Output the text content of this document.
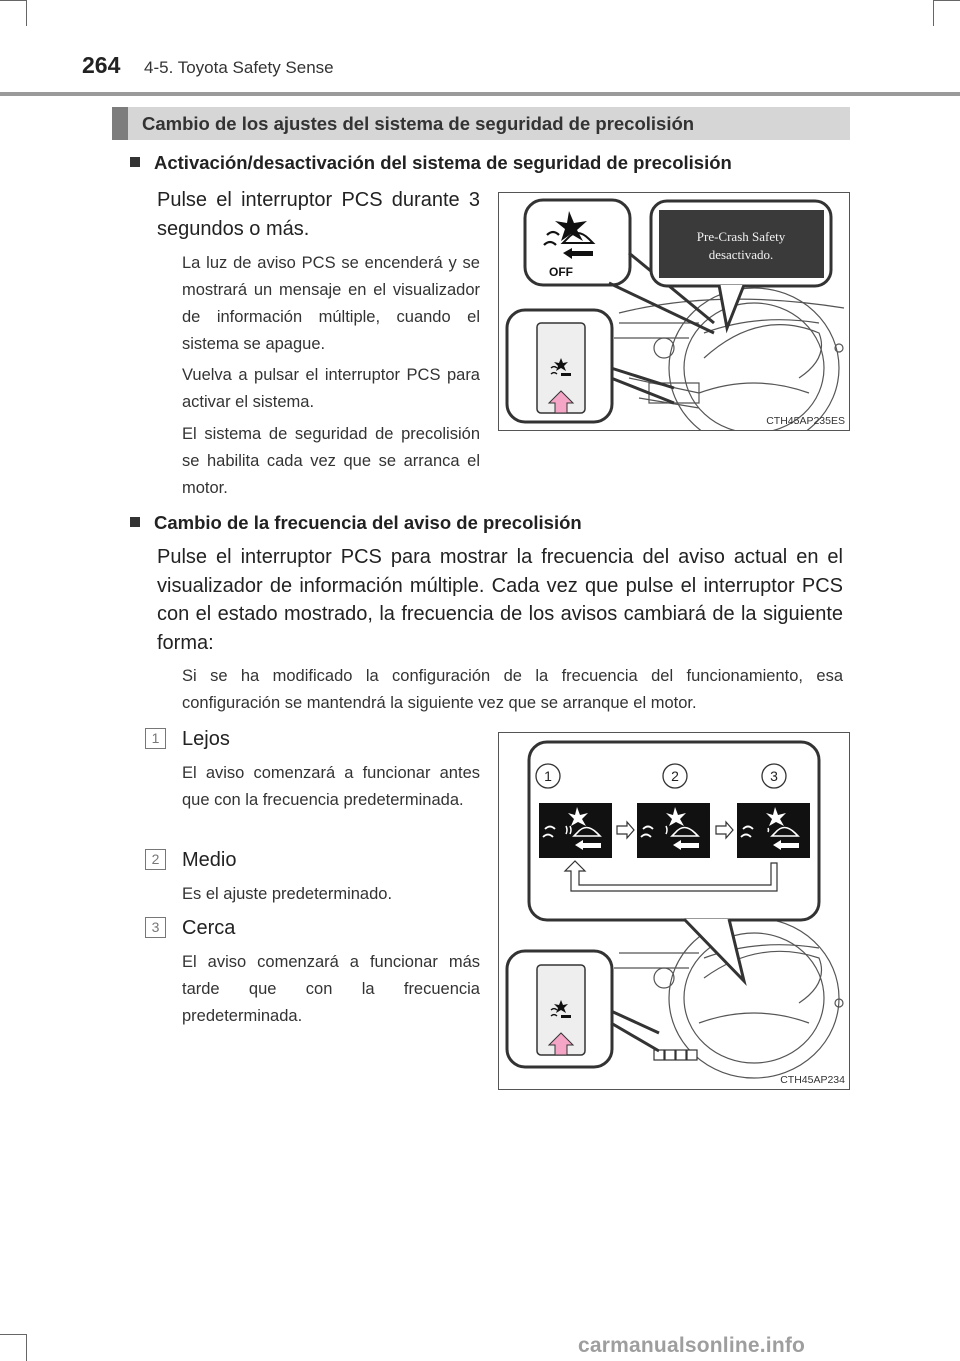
264 4-5. Toyota Safety Sense
Cambio de los ajustes del sistema de seguridad de precolisión
Activación/desactivación del sistema de seguridad de precolisión

Pulse el interruptor PCS durante 3 segundos o más.

La luz de aviso PCS se encenderá y se mostrará un mensaje en el visualizador de información múltiple, cuando el sistema se apague.

Vuelva a pulsar el interruptor PCS para activar el sistema.

El sistema de seguridad de precolisión se habilita cada vez que se arranca el motor.

OFF
Pre-Crash Safety
desactivado.
CTH45AP235ES
Cambio de la frecuencia del aviso de precolisión

Pulse el interruptor PCS para mostrar la frecuencia del aviso actual en el visualizador de información múltiple. Cada vez que pulse el interruptor PCS con el estado mostrado, la frecuencia de los avisos cambiará de la siguiente forma:

Si se ha modificado la configuración de la frecuencia del funcionamiento, esa configuración se mantendrá la siguiente vez que se arranque el motor.

1	Lejos

El aviso comenzará a funcionar antes que con la frecuencia predeterminada.

2	Medio

Es el ajuste predeterminado.

3	Cerca

El aviso comenzará a funcionar más tarde que con la frecuencia predeterminada.

1	2	3
CTH45AP234
carmanualsonline.info
